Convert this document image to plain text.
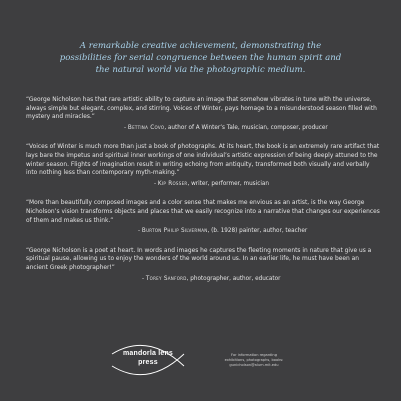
A remarkable creative achievement, demonstrating the
possibilities for serial congruence between the human spirit and
the natural world via the photographic medium.

“George Nicholson has that rare artistic ability to capture an image that somehow vibrates in tune with the universe, always simple but elegant, complex, and stirring. Voices of Winter, pays homage to a misunderstood season filled with mystery and miracles.”

- Bettina Covo, author of A Winter’s Tale, musician, composer, producer

“Voices of Winter is much more than just a book of photographs. At its heart, the book is an extremely rare artifact that lays bare the impetus and spiritual inner workings of one individual’s artistic expression of being deeply attuned to the winter season. Flights of imagination result in writing echoing from antiquity, transformed both visually and verbally into nothing less than contemporary myth-making.”

- Kip Rosser, writer, performer, musician

“More than beautifully composed images and a color sense that makes me envious as an artist, is the way George Nicholson’s vision transforms objects and places that we easily recognize into a narrative that changes our experiences of them and makes us think.”

- Burton Philip Silverman, (b. 1928) painter, author, teacher

“George Nicholson is a poet at heart. In words and images he captures the fleeting moments in nature that give us a spiritual pause, allowing us to enjoy the wonders of the world around us. In an earlier life, he must have been an ancient Greek photographer!”

- Torey Sanford, photographer, author, educator
mandorla lens
press
For information regarding
exhibitions, photographs, books:
gunicholson@alum.mit.edu
